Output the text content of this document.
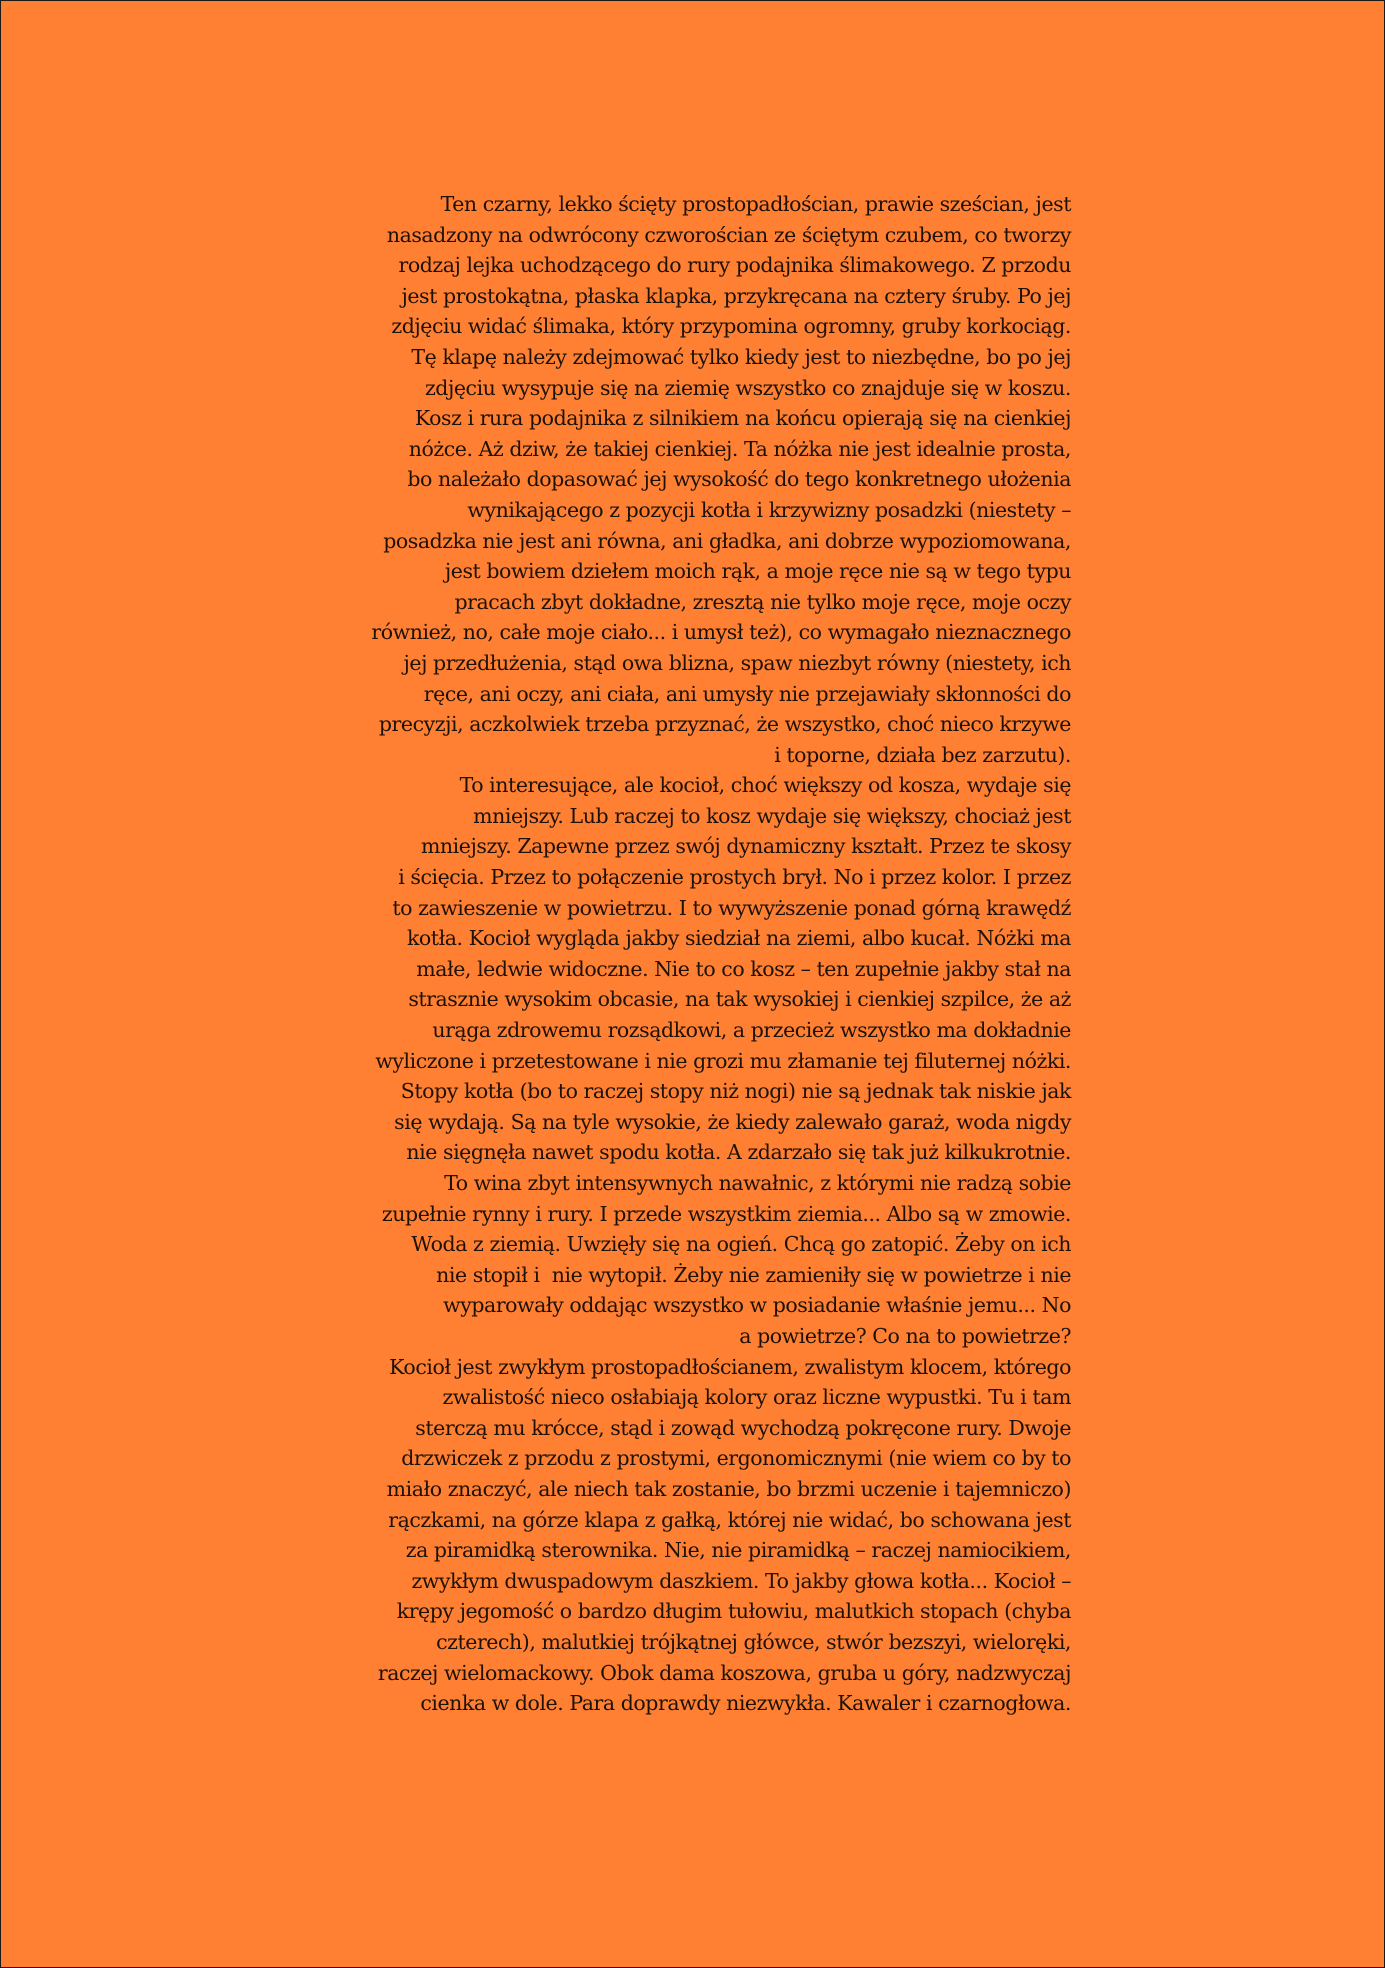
Ten czarny, lekko ścięty prostopadłościan, prawie sześcian, jest
nasadzony na odwrócony czworościan ze ściętym czubem, co tworzy
rodzaj lejka uchodzącego do rury podajnika ślimakowego. Z przodu
jest prostokątna, płaska klapka, przykręcana na cztery śruby. Po jej
zdjęciu widać ślimaka, który przypomina ogromny, gruby korkociąg.
Tę klapę należy zdejmować tylko kiedy jest to niezbędne, bo po jej
zdjęciu wysypuje się na ziemię wszystko co znajduje się w koszu.
Kosz i rura podajnika z silnikiem na końcu opierają się na cienkiej
nóżce. Aż dziw, że takiej cienkiej. Ta nóżka nie jest idealnie prosta,
bo należało dopasować jej wysokość do tego konkretnego ułożenia
wynikającego z pozycji kotła i krzywizny posadzki (niestety –
posadzka nie jest ani równa, ani gładka, ani dobrze wypoziomowana,
jest bowiem dziełem moich rąk, a moje ręce nie są w tego typu
pracach zbyt dokładne, zresztą nie tylko moje ręce, moje oczy
również, no, całe moje ciało... i umysł też), co wymagało nieznacznego
jej przedłużenia, stąd owa blizna, spaw niezbyt równy (niestety, ich
ręce, ani oczy, ani ciała, ani umysły nie przejawiały skłonności do
precyzji, aczkolwiek trzeba przyznać, że wszystko, choć nieco krzywe
i toporne, działa bez zarzutu).
To interesujące, ale kocioł, choć większy od kosza, wydaje się
mniejszy. Lub raczej to kosz wydaje się większy, chociaż jest
mniejszy. Zapewne przez swój dynamiczny kształt. Przez te skosy
i ścięcia. Przez to połączenie prostych brył. No i przez kolor. I przez
to zawieszenie w powietrzu. I to wywyższenie ponad górną krawędź
kotła. Kocioł wygląda jakby siedział na ziemi, albo kucał. Nóżki ma
małe, ledwie widoczne. Nie to co kosz – ten zupełnie jakby stał na
strasznie wysokim obcasie, na tak wysokiej i cienkiej szpilce, że aż
urąga zdrowemu rozsądkowi, a przecież wszystko ma dokładnie
wyliczone i przetestowane i nie grozi mu złamanie tej filuternej nóżki.
Stopy kotła (bo to raczej stopy niż nogi) nie są jednak tak niskie jak
się wydają. Są na tyle wysokie, że kiedy zalewało garaż, woda nigdy
nie sięgnęła nawet spodu kotła. A zdarzało się tak już kilkukrotnie.
To wina zbyt intensywnych nawałnic, z którymi nie radzą sobie
zupełnie rynny i rury. I przede wszystkim ziemia... Albo są w zmowie.
Woda z ziemią. Uwzięły się na ogień. Chcą go zatopić. Żeby on ich
nie stopił i  nie wytopił. Żeby nie zamieniły się w powietrze i nie
wyparowały oddając wszystko w posiadanie właśnie jemu... No
a powietrze? Co na to powietrze?
Kocioł jest zwykłym prostopadłościanem, zwalistym klocem, którego
zwalistość nieco osłabiają kolory oraz liczne wypustki. Tu i tam
sterczą mu krócce, stąd i zowąd wychodzą pokręcone rury. Dwoje
drzwiczek z przodu z prostymi, ergonomicznymi (nie wiem co by to
miało znaczyć, ale niech tak zostanie, bo brzmi uczenie i tajemniczo)
rączkami, na górze klapa z gałką, której nie widać, bo schowana jest
za piramidką sterownika. Nie, nie piramidką – raczej namiocikiem,
zwykłym dwuspadowym daszkiem. To jakby głowa kotła... Kocioł –
krępy jegomość o bardzo długim tułowiu, malutkich stopach (chyba
czterech), malutkiej trójkątnej główce, stwór bezszyi, wieloręki,
raczej wielomackowy. Obok dama koszowa, gruba u góry, nadzwyczaj
cienka w dole. Para doprawdy niezwykła. Kawaler i czarnogłowa.
